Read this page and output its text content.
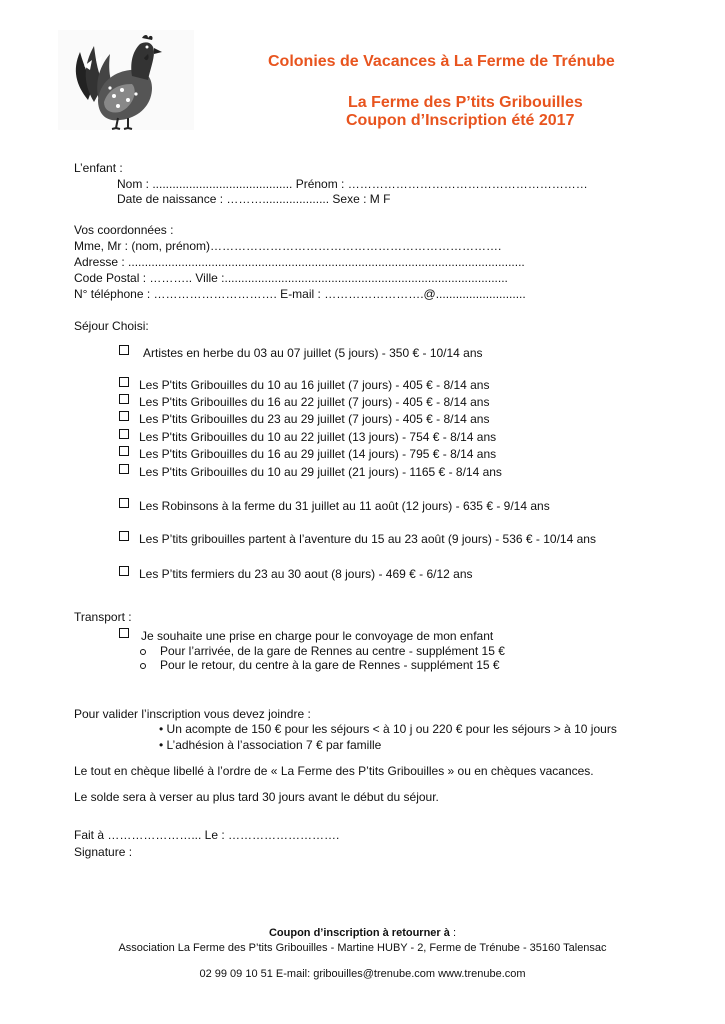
Colonies de Vacances à La Ferme de Trénube
La Ferme des P’tits Gribouilles
Coupon d’Inscription été 2017
L’enfant :
Nom : .......................................... Prénom : ……………………………………………………
Date de naissance : ……….................... Sexe : M F
Vos coordonnées :
Mme, Mr : (nom, prénom)……………………………………………………………….
Adresse : .......................................................................................................................
Code Postal : ……….. Ville :.....................................................................................
N° téléphone : …………………………. E-mail : …………………….@...........................
Séjour Choisi:
Artistes en herbe du 03 au 07 juillet (5 jours) - 350 € - 10/14 ans
Les P'tits Gribouilles du 10 au 16 juillet (7 jours) - 405 € - 8/14 ans
Les P'tits Gribouilles du 16 au 22 juillet (7 jours) - 405 € - 8/14 ans
Les P'tits Gribouilles du 23 au 29 juillet (7 jours) - 405 € - 8/14 ans
Les P'tits Gribouilles du 10 au 22 juillet (13 jours) - 754 € - 8/14 ans
Les P'tits Gribouilles du 16 au 29 juillet (14 jours) - 795 € - 8/14 ans
Les P'tits Gribouilles du 10 au 29 juillet (21 jours) - 1165 € - 8/14 ans
Les Robinsons à la ferme du 31 juillet au 11 août (12 jours) - 635 € - 9/14 ans
Les P’tits gribouilles partent à l’aventure du 15 au 23 août (9 jours) - 536 € - 10/14 ans
Les P’tits fermiers du 23 au 30 aout (8 jours) - 469 € - 6/12 ans
Transport :
Je souhaite une prise en charge pour le convoyage de mon enfant
Pour l’arrivée, de la gare de Rennes au centre - supplément 15 €
Pour le retour, du centre à la gare de Rennes - supplément 15 €
Pour valider l’inscription vous devez joindre :
• Un acompte de 150 € pour les séjours < à 10 j ou 220 € pour les séjours > à 10 jours
• L’adhésion à l’association 7 € par famille
Le tout en chèque libellé à l’ordre de « La Ferme des P’tits Gribouilles » ou en chèques vacances.
Le solde sera à verser au plus tard 30 jours avant le début du séjour.
Fait à …………………... Le : ……………………….
Signature :
Coupon d’inscription à retourner à :
Association La Ferme des P’tits Gribouilles - Martine HUBY - 2, Ferme de Trénube - 35160 Talensac
02 99 09 10 51 E-mail: gribouilles@trenube.com www.trenube.com
